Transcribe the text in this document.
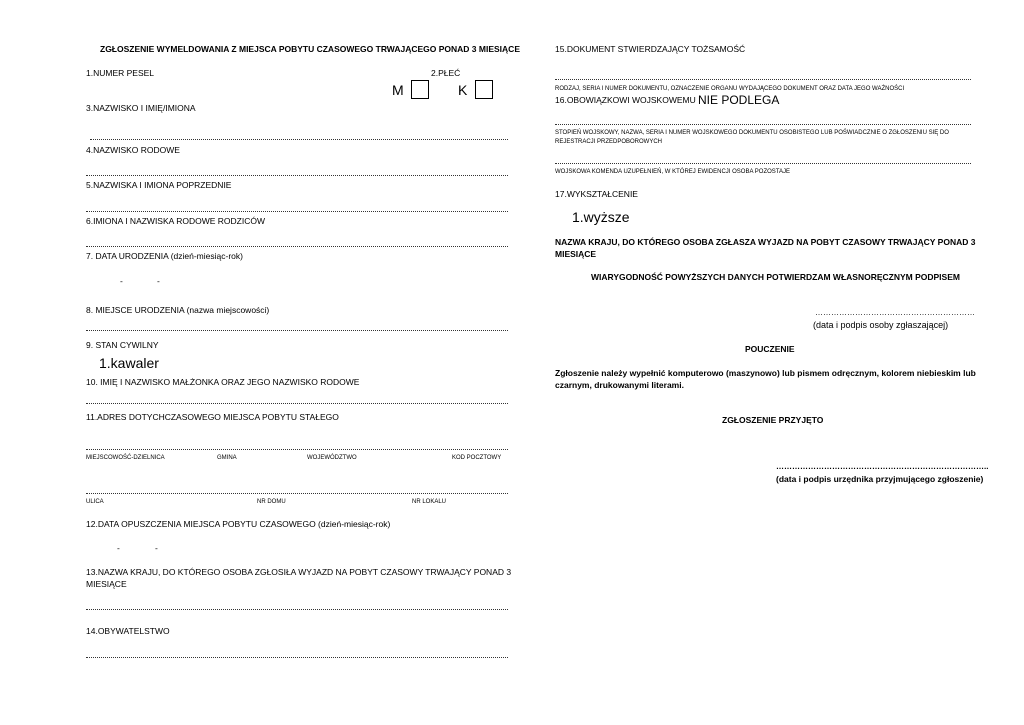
ZGŁOSZENIE WYMELDOWANIA Z MIEJSCA POBYTU CZASOWEGO TRWAJĄCEGO PONAD 3 MIESIĄCE
1.NUMER PESEL	2.PŁEĆ
M	K
3.NAZWISKO I IMIĘ/IMIONA
4.NAZWISKO RODOWE
5.NAZWISKA I IMIONA POPRZEDNIE
6.IMIONA I NAZWISKA RODOWE RODZICÓW
7. DATA URODZENIA (dzień-miesiąc-rok)
-	-
8. MIEJSCE URODZENIA (nazwa miejscowości)
9. STAN CYWILNY
1.kawaler
10. IMIĘ I NAZWISKO MAŁŻONKA ORAZ JEGO NAZWISKO RODOWE
11.ADRES DOTYCHCZASOWEGO MIEJSCA POBYTU STAŁEGO
MIEJSCOWOŚĆ-DZIELNICA	GMINA	WOJEWÓDZTWO	KOD POCZTOWY
ULICA	NR DOMU	NR LOKALU
12.DATA OPUSZCZENIA MIEJSCA POBYTU CZASOWEGO (dzień-miesiąc-rok)
-	-
13.NAZWA KRAJU, DO KTÓREGO OSOBA ZGŁOSIŁA WYJAZD NA POBYT CZASOWY TRWAJĄCY PONAD 3
MIESIĄCE
14.OBYWATELSTWO
15.DOKUMENT STWIERDZAJĄCY TOŻSAMOŚĆ
RODZAJ, SERIA I NUMER DOKUMENTU, OZNACZENIE ORGANU WYDAJĄCEGO DOKUMENT ORAZ DATA JEGO WAŻNOŚCI
16.OBOWIĄZKOWI WOJSKOWEMU NIE PODLEGA
STOPIEŃ WOJSKOWY, NAZWA, SERIA I NUMER WOJSKOWEGO DOKUMENTU OSOBISTEGO LUB POŚWIADCZNIE O ZGŁOSZENIU SIĘ DO
REJESTRACJI PRZEDPOBOROWYCH
WOJSKOWA KOMENDA UZUPEŁNIEŃ, W KTÓREJ EWIDENCJI OSOBA POZOSTAJE
17.WYKSZTAŁCENIE
1.wyższe
NAZWA KRAJU, DO KTÓREGO OSOBA ZGŁASZA WYJAZD NA POBYT CZASOWY TRWAJĄCY PONAD 3
MIESIĄCE
WIARYGODNOŚĆ POWYŻSZYCH DANYCH POTWIERDZAM WŁASNORĘCZNYM PODPISEM
……………………………………………………
(data i podpis osoby zgłaszającej)
POUCZENIE
Zgłoszenie należy wypełnić komputerowo (maszynowo) lub pismem odręcznym, kolorem niebieskim lub
czarnym, drukowanymi literami.
ZGŁOSZENIE PRZYJĘTO
……………………………………………………………………..
(data i podpis urzędnika przyjmującego zgłoszenie)
